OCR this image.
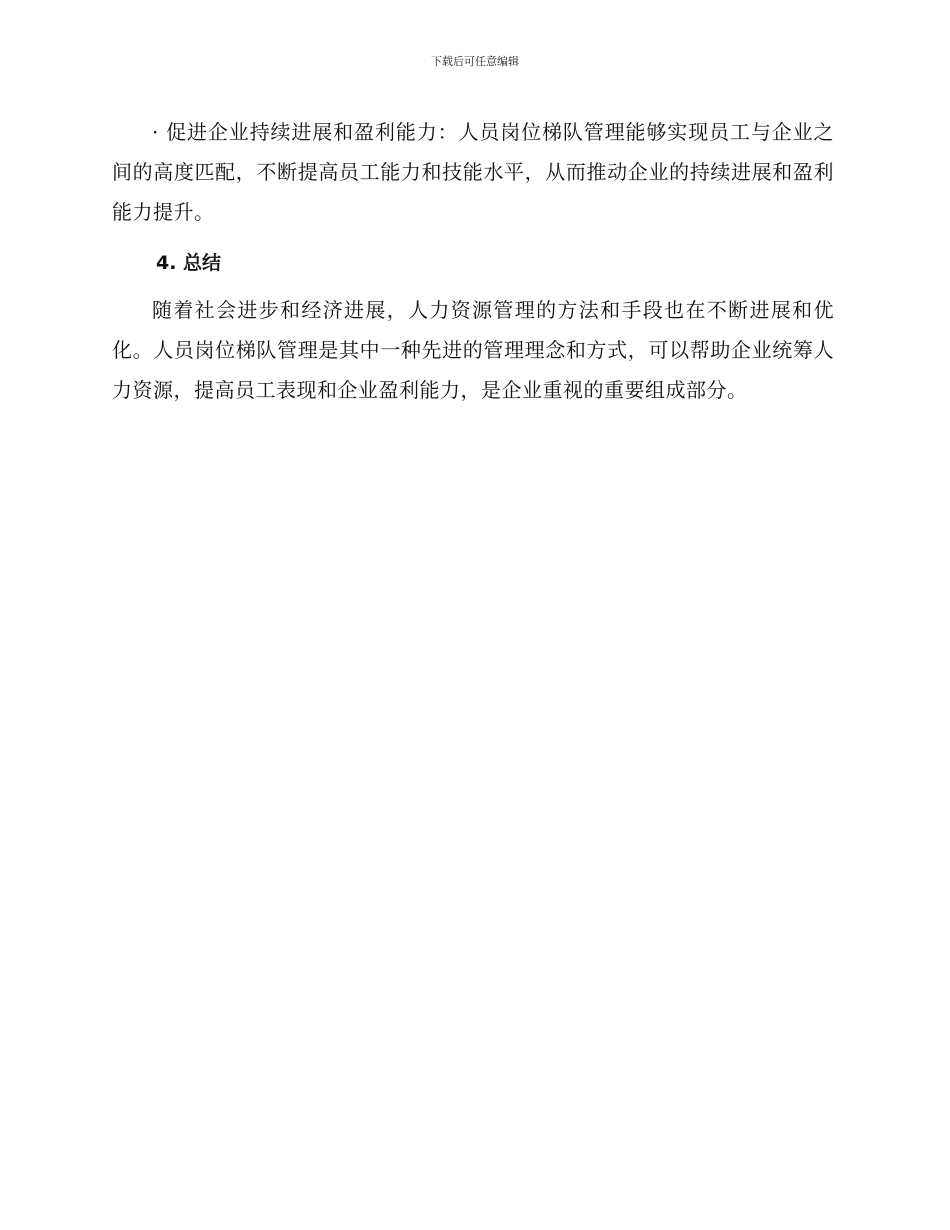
下载后可任意编辑

· 促进企业持续进展和盈利能力：人员岗位梯队管理能够实现员工与企业之间的高度匹配，不断提高员工能力和技能水平，从而推动企业的持续进展和盈利能力提升。

4. 总结

随着社会进步和经济进展，人力资源管理的方法和手段也在不断进展和优化。人员岗位梯队管理是其中一种先进的管理理念和方式，可以帮助企业统筹人力资源，提高员工表现和企业盈利能力，是企业重视的重要组成部分。
